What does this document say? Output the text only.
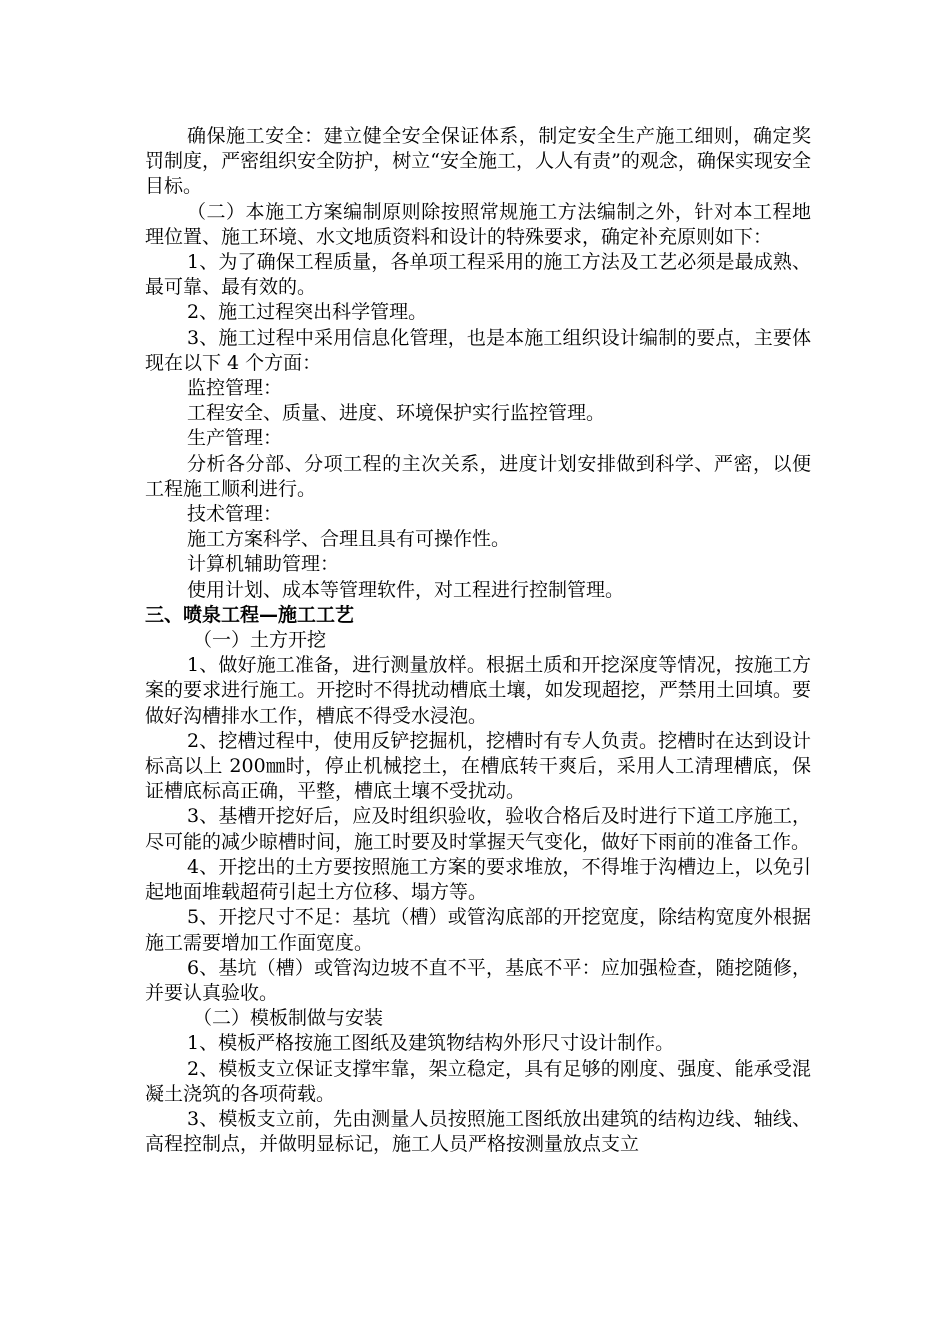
确保施工安全：建立健全安全保证体系，制定安全生产施工细则，确定奖罚制度，严密组织安全防护，树立“安全施工，人人有责”的观念，确保实现安全目标。

（二）本施工方案编制原则除按照常规施工方法编制之外，针对本工程地理位置、施工环境、水文地质资料和设计的特殊要求，确定补充原则如下：

1、为了确保工程质量，各单项工程采用的施工方法及工艺必须是最成熟、最可靠、最有效的。

2、施工过程突出科学管理。

3、施工过程中采用信息化管理，也是本施工组织设计编制的要点，主要体现在以下 4 个方面：

监控管理：

工程安全、质量、进度、环境保护实行监控管理。

生产管理：

分析各分部、分项工程的主次关系，进度计划安排做到科学、严密，以便工程施工顺利进行。

技术管理：

施工方案科学、合理且具有可操作性。

计算机辅助管理：

使用计划、成本等管理软件，对工程进行控制管理。

三、喷泉工程—施工工艺

（一）土方开挖

1、做好施工准备，进行测量放样。根据土质和开挖深度等情况，按施工方案的要求进行施工。开挖时不得扰动槽底土壤，如发现超挖，严禁用土回填。要做好沟槽排水工作，槽底不得受水浸泡。

2、挖槽过程中，使用反铲挖掘机，挖槽时有专人负责。挖槽时在达到设计标高以上 200㎜时，停止机械挖土，在槽底转干爽后，采用人工清理槽底，保证槽底标高正确，平整，槽底土壤不受扰动。

3、基槽开挖好后，应及时组织验收，验收合格后及时进行下道工序施工，尽可能的减少晾槽时间，施工时要及时掌握天气变化，做好下雨前的准备工作。

4、开挖出的土方要按照施工方案的要求堆放，不得堆于沟槽边上，以免引起地面堆载超荷引起土方位移、塌方等。

5、开挖尺寸不足：基坑（槽）或管沟底部的开挖宽度，除结构宽度外根据施工需要增加工作面宽度。

6、基坑（槽）或管沟边坡不直不平，基底不平：应加强检查，随挖随修，并要认真验收。

（二）模板制做与安装

1、模板严格按施工图纸及建筑物结构外形尺寸设计制作。

2、模板支立保证支撑牢靠，架立稳定，具有足够的刚度、强度、能承受混凝土浇筑的各项荷载。

3、模板支立前，先由测量人员按照施工图纸放出建筑的结构边线、轴线、高程控制点，并做明显标记，施工人员严格按测量放点支立
